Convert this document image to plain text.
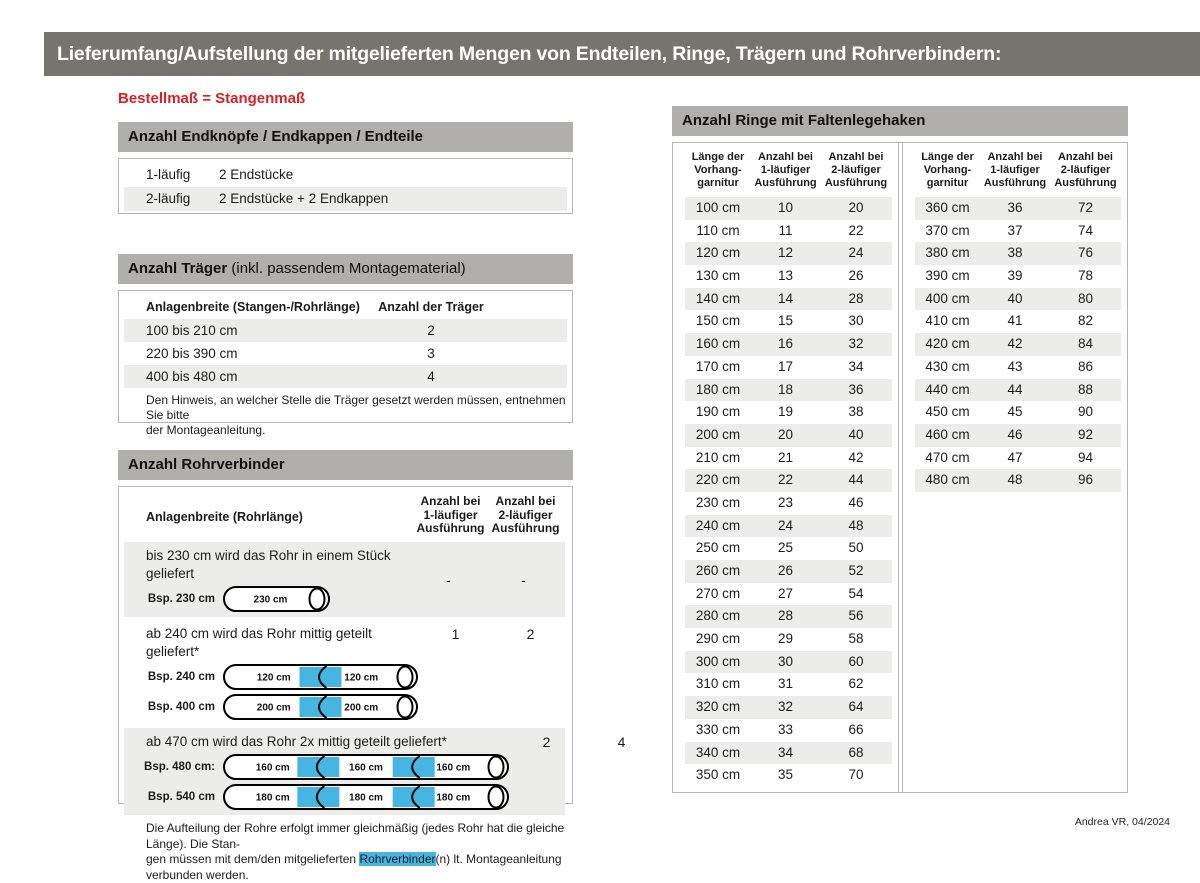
Lieferumfang/Aufstellung der mitgelieferten Mengen von Endteilen, Ringe, Trägern und Rohrverbindern:
Bestellmaß = Stangenmaß
Anzahl Endknöpfe / Endkappen / Endteile
1-läufig	2 Endstücke
2-läufig	2 Endstücke + 2 Endkappen
Anzahl Träger (inkl. passendem Montagematerial)
Anlagenbreite (Stangen-/Rohrlänge)	Anzahl der Träger
100 bis 210 cm	2
220 bis 390 cm	3
400 bis 480 cm	4
Den Hinweis, an welcher Stelle die Träger gesetzt werden müssen, entnehmen Sie bitte
der Montageanleitung.
Anzahl Rohrverbinder
Anlagenbreite (Rohrlänge)
Anzahl bei
1-läufiger
Ausführung
Anzahl bei
2-läufiger
Ausführung
bis 230 cm wird das Rohr in einem Stück geliefert
Bsp. 230 cm	230 cm
-	-
ab 240 cm wird das Rohr mittig geteilt geliefert*
Bsp. 240 cm	120 cm	120 cm
Bsp. 400 cm	200 cm	200 cm
1	2
ab 470 cm wird das Rohr 2x mittig geteilt geliefert*
Bsp. 480 cm:	160 cm	160 cm	160 cm
Bsp. 540 cm	180 cm	180 cm	180 cm
2	4
Die Aufteilung der Rohre erfolgt immer gleichmäßig (jedes Rohr hat die gleiche Länge). Die Stan-
gen müssen mit dem/den mitgelieferten Rohrverbinder(n) lt. Montageanleitung verbunden werden.
Anzahl Ringe mit Faltenlegehaken
Länge der
Vorhang-
garnitur
Anzahl bei
1-läufiger
Ausführung
Anzahl bei
2-läufiger
Ausführung
100 cm	10	20
110 cm	11	22
120 cm	12	24
130 cm	13	26
140 cm	14	28
150 cm	15	30
160 cm	16	32
170 cm	17	34
180 cm	18	36
190 cm	19	38
200 cm	20	40
210 cm	21	42
220 cm	22	44
230 cm	23	46
240 cm	24	48
250 cm	25	50
260 cm	26	52
270 cm	27	54
280 cm	28	56
290 cm	29	58
300 cm	30	60
310 cm	31	62
320 cm	32	64
330 cm	33	66
340 cm	34	68
350 cm	35	70
Länge der
Vorhang-
garnitur
Anzahl bei
1-läufiger
Ausführung
Anzahl bei
2-läufiger
Ausführung
360 cm	36	72
370 cm	37	74
380 cm	38	76
390 cm	39	78
400 cm	40	80
410 cm	41	82
420 cm	42	84
430 cm	43	86
440 cm	44	88
450 cm	45	90
460 cm	46	92
470 cm	47	94
480 cm	48	96
Andrea VR, 04/2024
